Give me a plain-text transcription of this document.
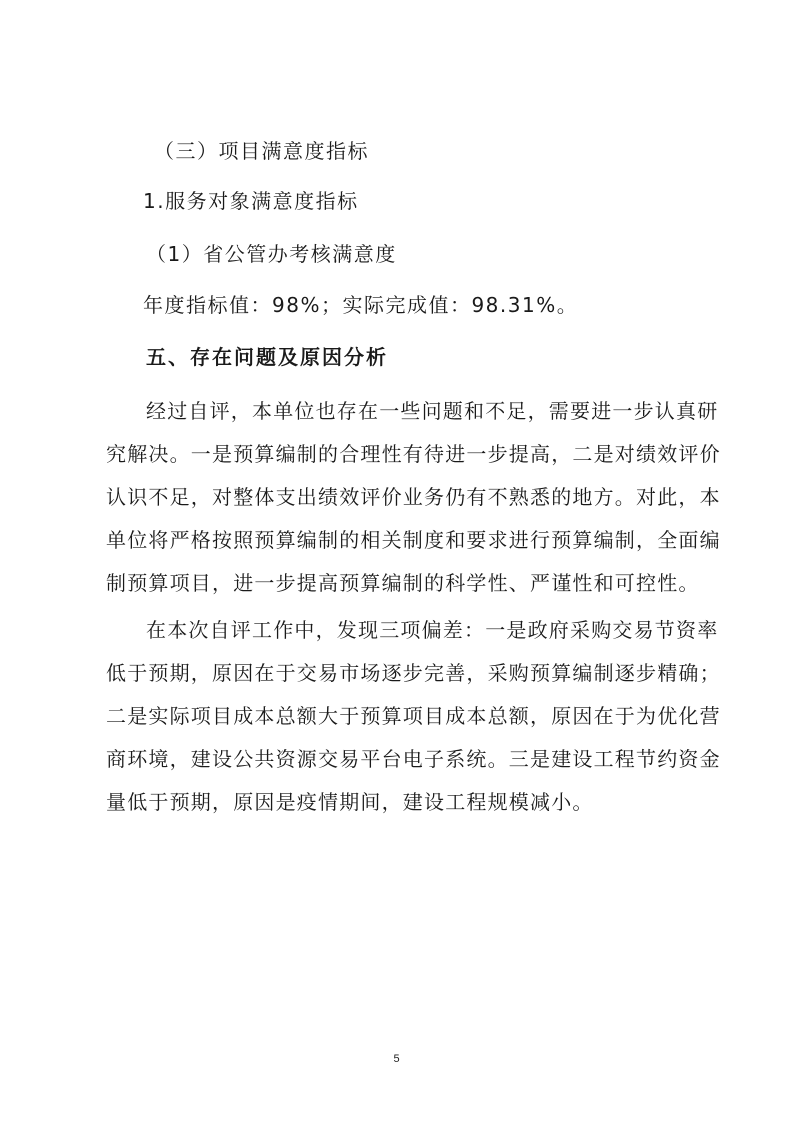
（三）项目满意度指标
1.服务对象满意度指标
（1）省公管办考核满意度
年度指标值：98%；实际完成值：98.31%。
五、存在问题及原因分析
经过自评，本单位也存在一些问题和不足，需要进一步认真研
究解决。一是预算编制的合理性有待进一步提高，二是对绩效评价
认识不足，对整体支出绩效评价业务仍有不熟悉的地方。对此，本
单位将严格按照预算编制的相关制度和要求进行预算编制，全面编
制预算项目，进一步提高预算编制的科学性、严谨性和可控性。
在本次自评工作中，发现三项偏差：一是政府采购交易节资率
低于预期，原因在于交易市场逐步完善，采购预算编制逐步精确；
二是实际项目成本总额大于预算项目成本总额，原因在于为优化营
商环境，建设公共资源交易平台电子系统。三是建设工程节约资金
量低于预期，原因是疫情期间，建设工程规模减小。
5
